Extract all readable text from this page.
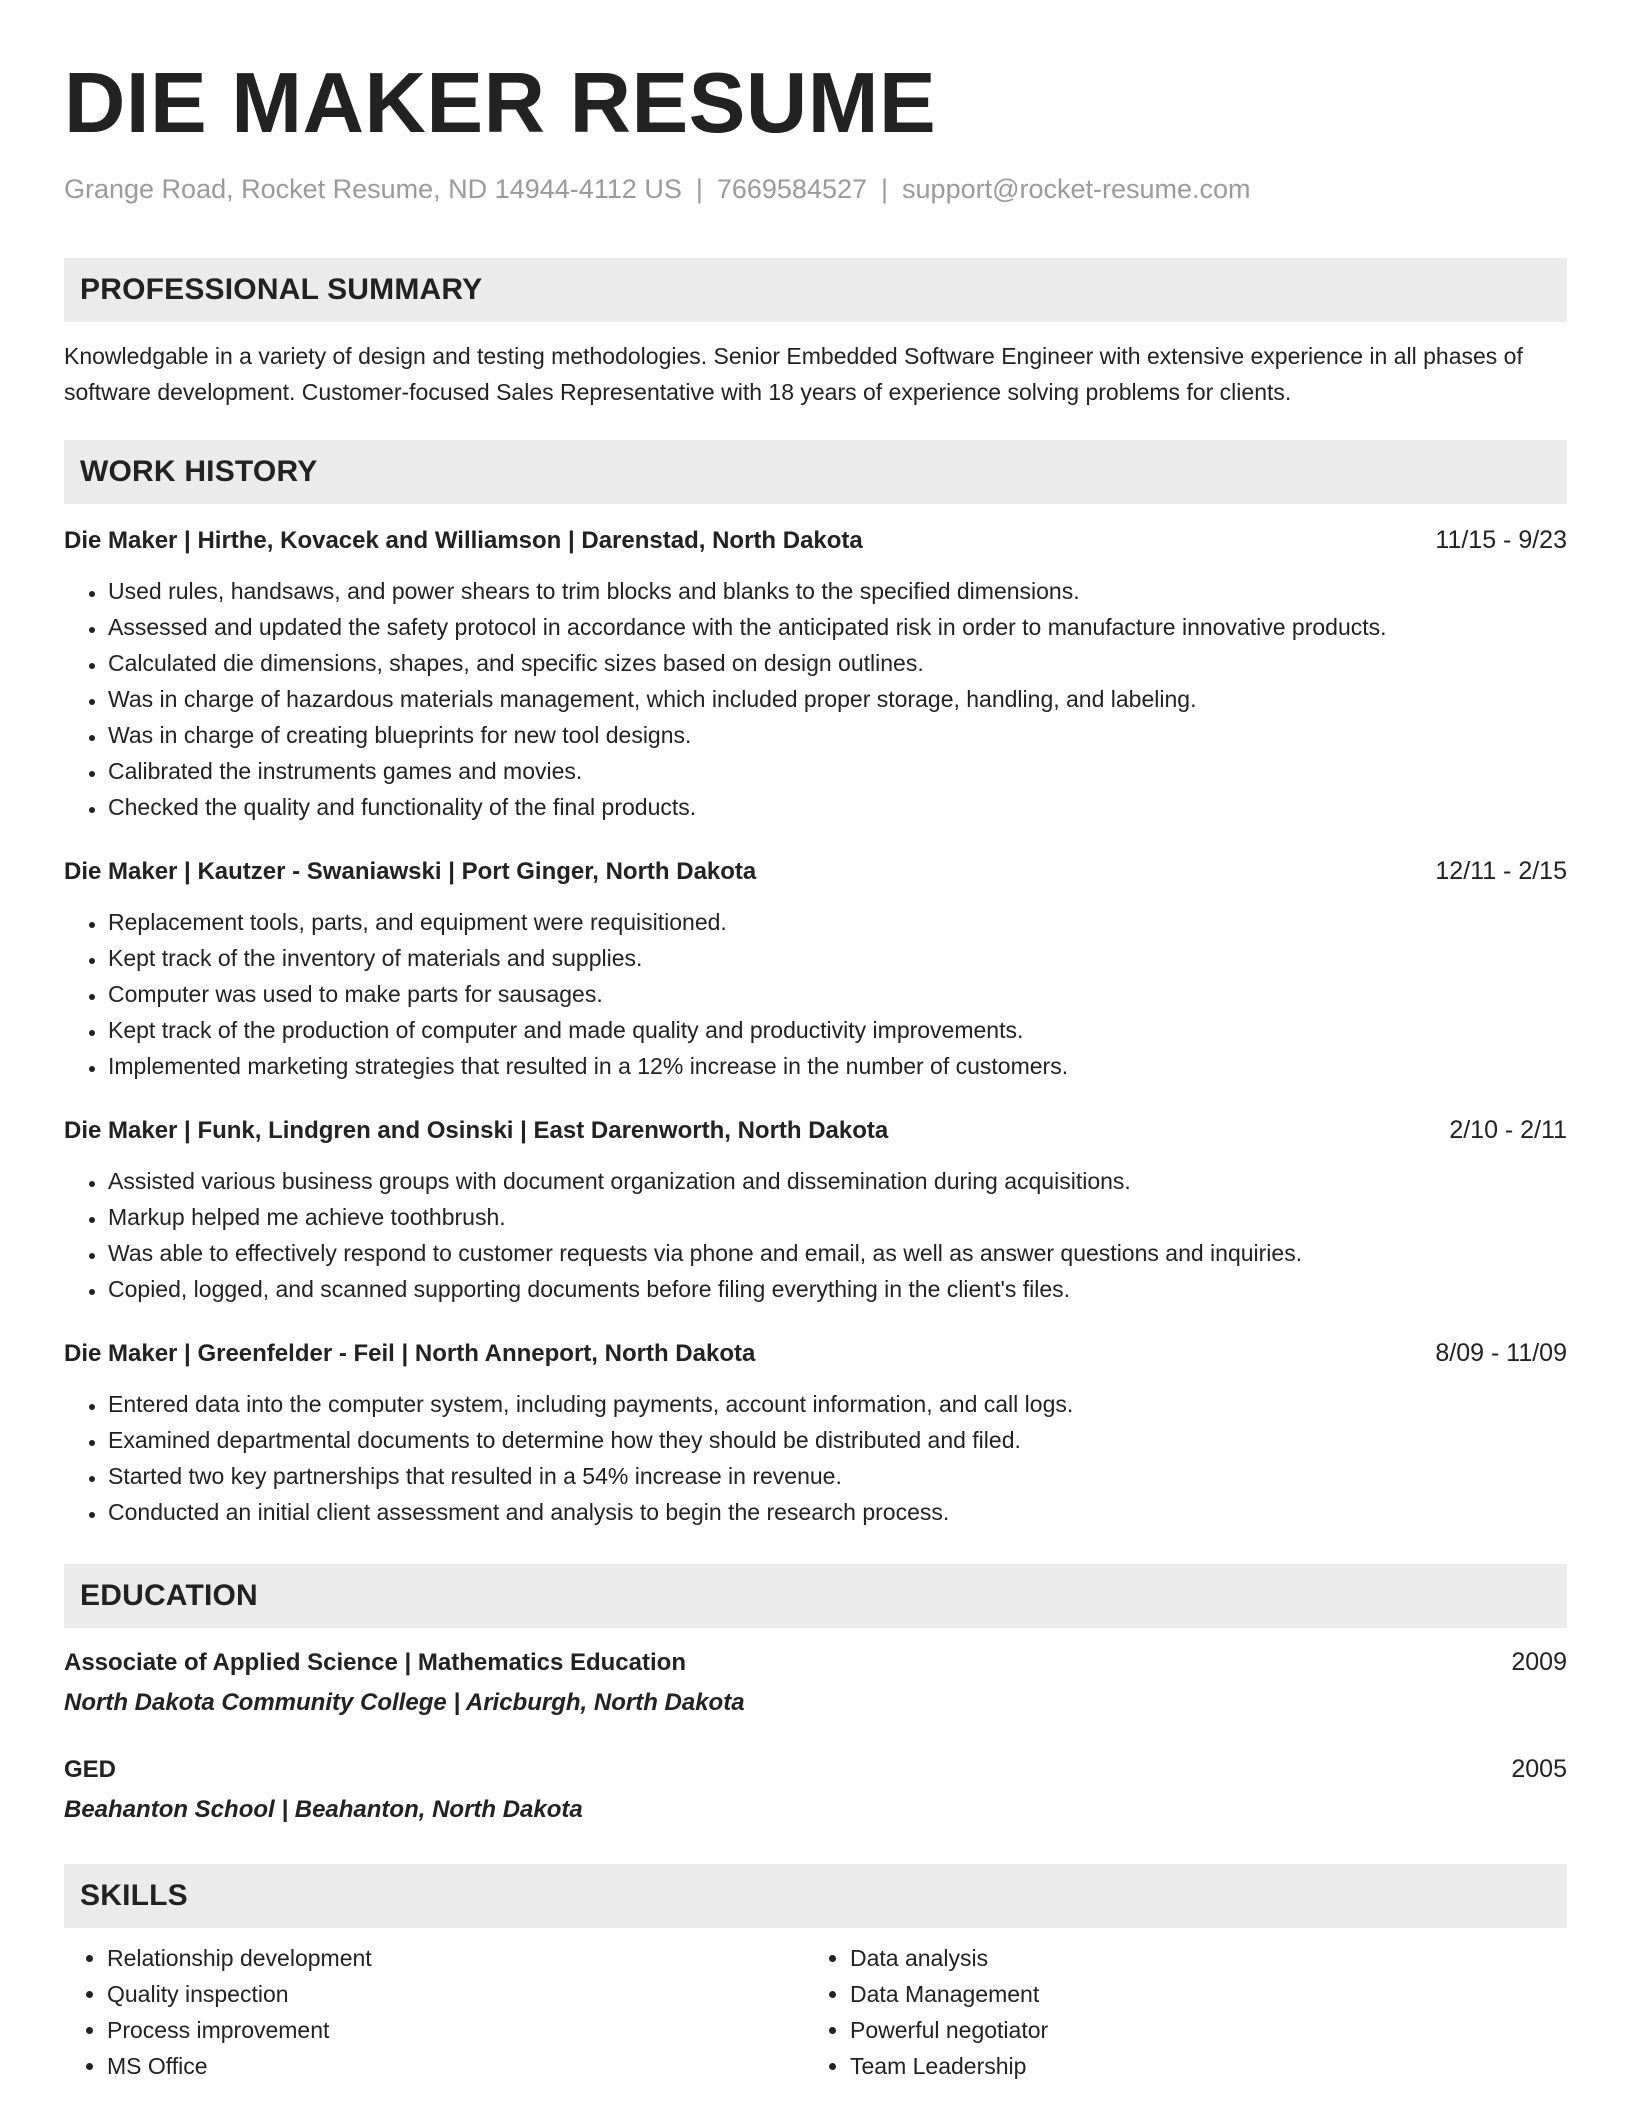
DIE MAKER RESUME
Grange Road, Rocket Resume, ND 14944-4112 US | 7669584527 | support@rocket-resume.com
PROFESSIONAL SUMMARY

Knowledgable in a variety of design and testing methodologies. Senior Embedded Software Engineer with extensive experience in all phases of software development. Customer-focused Sales Representative with 18 years of experience solving problems for clients.

WORK HISTORY
Die Maker | Hirthe, Kovacek and Williamson | Darenstad, North Dakota	11/15 - 9/23
• Used rules, handsaws, and power shears to trim blocks and blanks to the specified dimensions.
• Assessed and updated the safety protocol in accordance with the anticipated risk in order to manufacture innovative products.
• Calculated die dimensions, shapes, and specific sizes based on design outlines.
• Was in charge of hazardous materials management, which included proper storage, handling, and labeling.
• Was in charge of creating blueprints for new tool designs.
• Calibrated the instruments games and movies.
• Checked the quality and functionality of the final products.
Die Maker | Kautzer - Swaniawski | Port Ginger, North Dakota	12/11 - 2/15
• Replacement tools, parts, and equipment were requisitioned.
• Kept track of the inventory of materials and supplies.
• Computer was used to make parts for sausages.
• Kept track of the production of computer and made quality and productivity improvements.
• Implemented marketing strategies that resulted in a 12% increase in the number of customers.
Die Maker | Funk, Lindgren and Osinski | East Darenworth, North Dakota	2/10 - 2/11
• Assisted various business groups with document organization and dissemination during acquisitions.
• Markup helped me achieve toothbrush.
• Was able to effectively respond to customer requests via phone and email, as well as answer questions and inquiries.
• Copied, logged, and scanned supporting documents before filing everything in the client's files.
Die Maker | Greenfelder - Feil | North Anneport, North Dakota	8/09 - 11/09
• Entered data into the computer system, including payments, account information, and call logs.
• Examined departmental documents to determine how they should be distributed and filed.
• Started two key partnerships that resulted in a 54% increase in revenue.
• Conducted an initial client assessment and analysis to begin the research process.
EDUCATION
Associate of Applied Science | Mathematics Education	2009
North Dakota Community College | Aricburgh, North Dakota
GED	2005
Beahanton School | Beahanton, North Dakota
SKILLS
• Relationship development
• Quality inspection
• Process improvement
• MS Office
• Data analysis
• Data Management
• Powerful negotiator
• Team Leadership
